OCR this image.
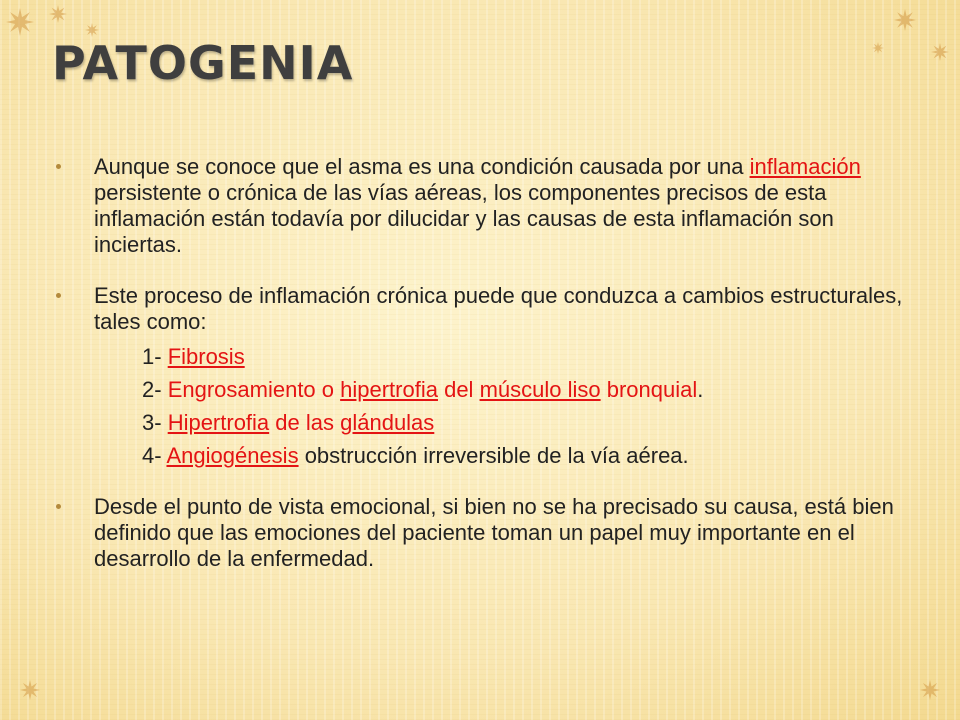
PATOGENIA
Aunque se conoce que el asma es una condición causada por una inflamación persistente o crónica de las vías aéreas, los componentes precisos de esta inflamación están todavía por dilucidar y las causas de esta inflamación son inciertas.
Este proceso de inflamación crónica puede que conduzca a cambios estructurales, tales como:
1- Fibrosis
2- Engrosamiento o hipertrofia del músculo liso bronquial.
3- Hipertrofia de las glándulas
4- Angiogénesis obstrucción irreversible de la vía aérea.
Desde el punto de vista emocional, si bien no se ha precisado su causa, está bien definido que las emociones del paciente toman un papel muy importante en el desarrollo de la enfermedad.
